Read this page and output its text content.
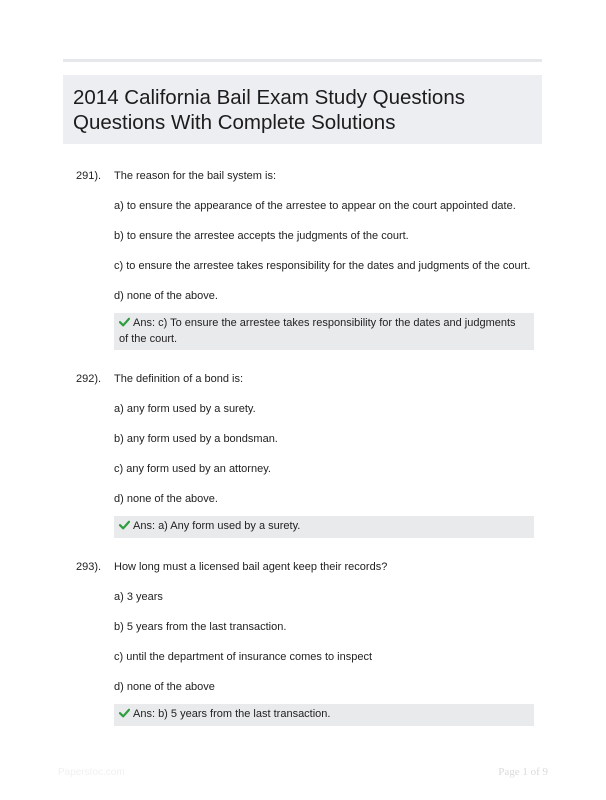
2014 California Bail Exam Study Questions
Questions With Complete Solutions
291). The reason for the bail system is:
a) to ensure the appearance of the arrestee to appear on the court appointed date.
b) to ensure the arrestee accepts the judgments of the court.
c) to ensure the arrestee takes responsibility for the dates and judgments of the court.
d) none of the above.
Ans: c) To ensure the arrestee takes responsibility for the dates and judgments of the court.
292). The definition of a bond is:
a) any form used by a surety.
b) any form used by a bondsman.
c) any form used by an attorney.
d) none of the above.
Ans: a) Any form used by a surety.
293). How long must a licensed bail agent keep their records?
a) 3 years
b) 5 years from the last transaction.
c) until the department of insurance comes to inspect
d) none of the above
Ans: b) 5 years from the last transaction.
Paperstoc.com	Page 1 of 9
